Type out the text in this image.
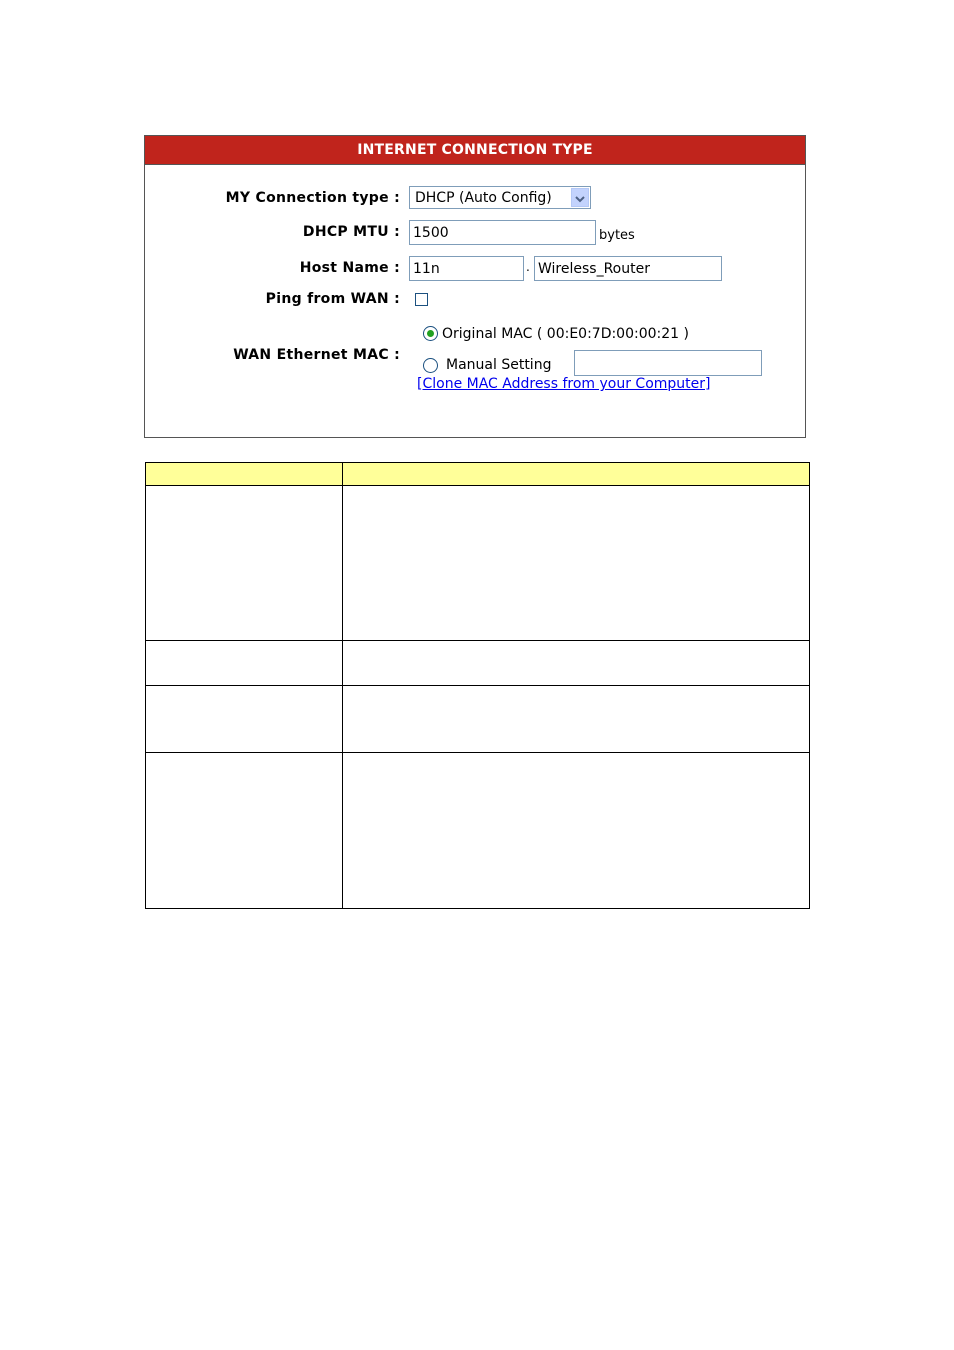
INTERNET CONNECTION TYPE
MY Connection type : DHCP (Auto Config)
DHCP MTU :
1500	bytes
Host Name :
11n	.
Wireless_Router
Ping from WAN :
WAN Ethernet MAC :
Original MAC ( 00:E0:7D:00:00:21 )
Manual Setting
[Clone MAC Address from your Computer]
